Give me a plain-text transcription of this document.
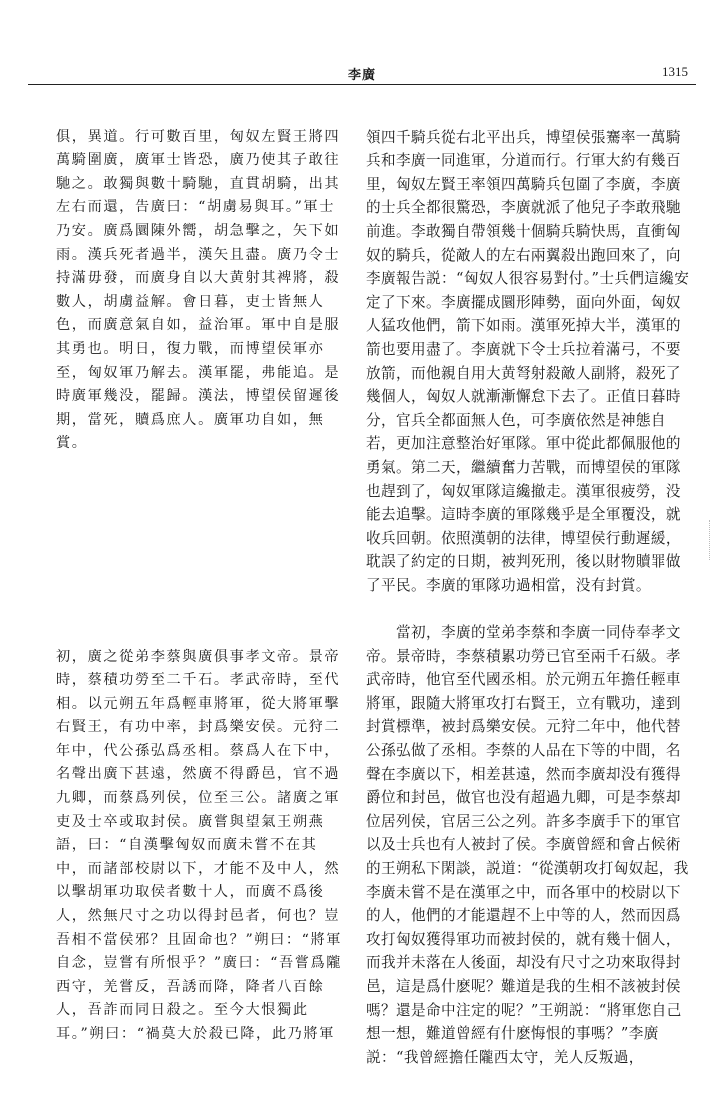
李廣	1315

俱，異道。行可數百里，匈奴左賢王將四萬騎圍廣，廣軍士皆恐，廣乃使其子敢往馳之。敢獨與數十騎馳，直貫胡騎，出其左右而還，告廣曰：“胡虜易與耳。”軍士乃安。廣爲圜陳外嚮，胡急擊之，矢下如雨。漢兵死者過半，漢矢且盡。廣乃令士持滿毋發，而廣身自以大黄射其裨將，殺數人，胡虜益解。會日暮，吏士皆無人色，而廣意氣自如，益治軍。軍中自是服其勇也。明日，復力戰，而博望侯軍亦至，匈奴軍乃解去。漢軍罷，弗能追。是時廣軍幾没，罷歸。漢法，博望侯留遲後期，當死，贖爲庶人。廣軍功自如，無賞。

初，廣之從弟李蔡與廣俱事孝文帝。景帝時，蔡積功勞至二千石。孝武帝時，至代相。以元朔五年爲輕車將軍，從大將軍擊右賢王，有功中率，封爲樂安侯。元狩二年中，代公孫弘爲丞相。蔡爲人在下中，名聲出廣下甚遠，然廣不得爵邑，官不過九卿，而蔡爲列侯，位至三公。諸廣之軍吏及士卒或取封侯。廣嘗與望氣王朔燕語，曰：“自漢擊匈奴而廣未嘗不在其中，而諸部校尉以下，才能不及中人，然以擊胡軍功取侯者數十人，而廣不爲後人，然無尺寸之功以得封邑者，何也？豈吾相不當侯邪？且固命也？”朔曰：“將軍自念，豈嘗有所恨乎？”廣曰：“吾嘗爲隴西守，羌嘗反，吾誘而降，降者八百餘人，吾詐而同日殺之。至今大恨獨此耳。”朔曰：“禍莫大於殺已降，此乃將軍

領四千騎兵從右北平出兵，博望侯張騫率一萬騎兵和李廣一同進軍，分道而行。行軍大約有幾百里，匈奴左賢王率領四萬騎兵包圍了李廣，李廣的士兵全都很驚恐，李廣就派了他兒子李敢飛馳前進。李敢獨自帶領幾十個騎兵騎快馬，直衝匈奴的騎兵，從敵人的左右兩翼殺出跑回來了，向李廣報告説：“匈奴人很容易對付。”士兵們這纔安定了下來。李廣擺成圜形陣勢，面向外面，匈奴人猛攻他們，箭下如雨。漢軍死掉大半，漢軍的箭也要用盡了。李廣就下令士兵拉着滿弓，不要放箭，而他親自用大黄弩射殺敵人副將，殺死了幾個人，匈奴人就漸漸懈怠下去了。正值日暮時分，官兵全都面無人色，可李廣依然是神態自若，更加注意整治好軍隊。軍中從此都佩服他的勇氣。第二天，繼續奮力苦戰，而博望侯的軍隊也趕到了，匈奴軍隊這纔撤走。漢軍很疲勞，没能去追擊。這時李廣的軍隊幾乎是全軍覆没，就收兵回朝。依照漢朝的法律，博望侯行動遲緩，耽誤了約定的日期，被判死刑，後以財物贖罪做了平民。李廣的軍隊功過相當，没有封賞。

　　當初，李廣的堂弟李蔡和李廣一同侍奉孝文帝。景帝時，李蔡積累功勞已官至兩千石級。孝武帝時，他官至代國丞相。於元朔五年擔任輕車將軍，跟隨大將軍攻打右賢王，立有戰功，達到封賞標準，被封爲樂安侯。元狩二年中，他代替公孫弘做了丞相。李蔡的人品在下等的中間，名聲在李廣以下，相差甚遠，然而李廣却没有獲得爵位和封邑，做官也没有超過九卿，可是李蔡却位居列侯，官居三公之列。許多李廣手下的軍官以及士兵也有人被封了侯。李廣曾經和會占候術的王朔私下閑談，説道：“從漢朝攻打匈奴起，我李廣未嘗不是在漢軍之中，而各軍中的校尉以下的人，他們的才能還趕不上中等的人，然而因爲攻打匈奴獲得軍功而被封侯的，就有幾十個人，而我并未落在人後面，却没有尺寸之功來取得封邑，這是爲什麽呢？難道是我的生相不該被封侯嗎？還是命中注定的呢？”王朔説：“將軍您自己想一想，難道曾經有什麽悔恨的事嗎？”李廣説：“我曾經擔任隴西太守，羌人反叛過，
